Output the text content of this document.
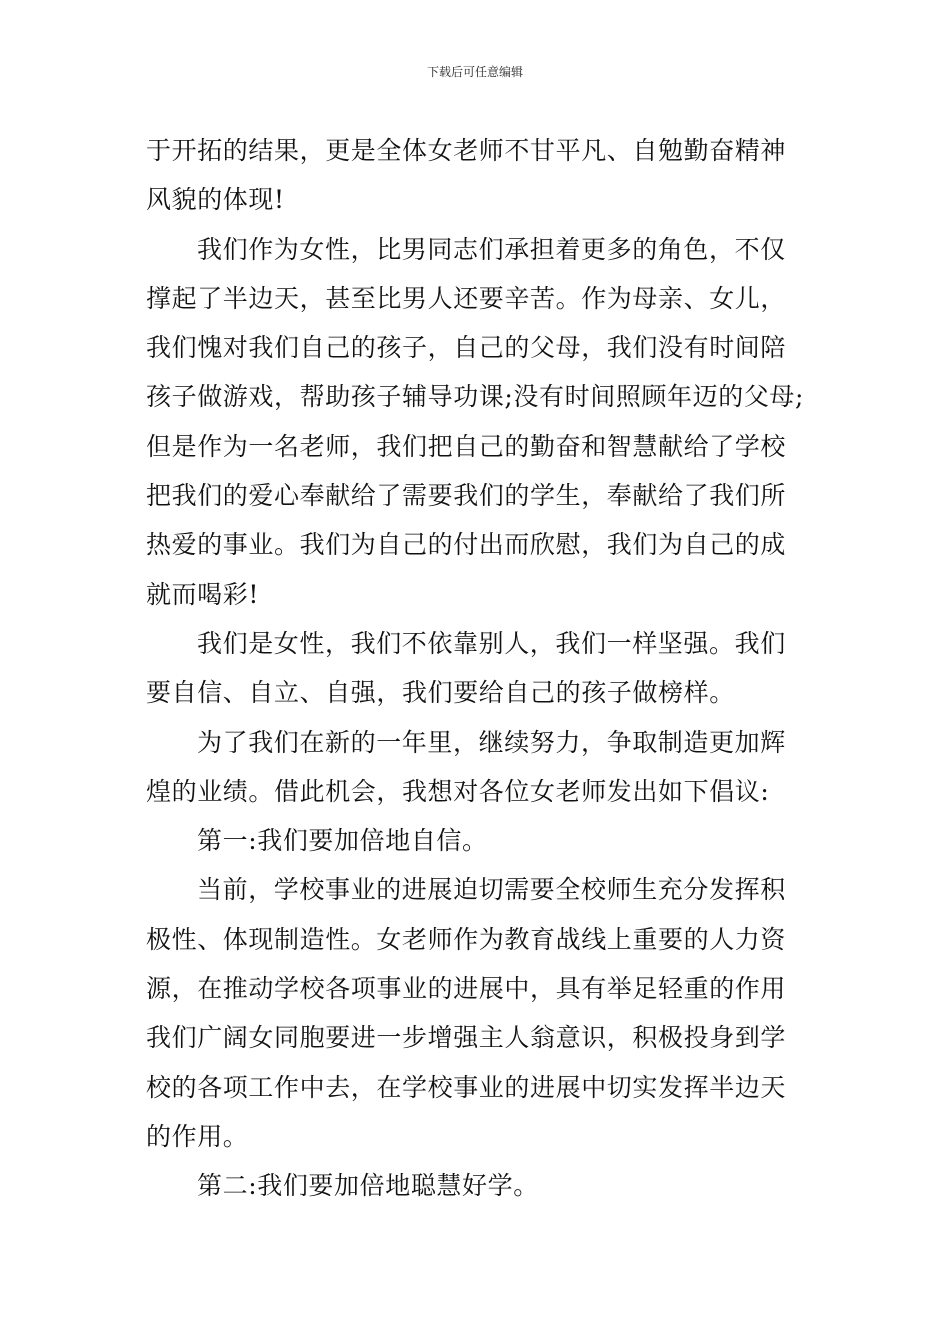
下载后可任意编辑

于开拓的结果，更是全体女老师不甘平凡、自勉勤奋精神
风貌的体现!

我们作为女性，比男同志们承担着更多的角色，不仅
撑起了半边天，甚至比男人还要辛苦。作为母亲、女儿，
我们愧对我们自己的孩子，自己的父母，我们没有时间陪
孩子做游戏，帮助孩子辅导功课;没有时间照顾年迈的父母;
但是作为一名老师，我们把自己的勤奋和智慧献给了学校
把我们的爱心奉献给了需要我们的学生，奉献给了我们所
热爱的事业。我们为自己的付出而欣慰，我们为自己的成
就而喝彩!

我们是女性，我们不依靠别人，我们一样坚强。我们
要自信、自立、自强，我们要给自己的孩子做榜样。

为了我们在新的一年里，继续努力，争取制造更加辉
煌的业绩。借此机会，我想对各位女老师发出如下倡议:

第一:我们要加倍地自信。

当前，学校事业的进展迫切需要全校师生充分发挥积
极性、体现制造性。女老师作为教育战线上重要的人力资
源，在推动学校各项事业的进展中，具有举足轻重的作用
我们广阔女同胞要进一步增强主人翁意识，积极投身到学
校的各项工作中去，在学校事业的进展中切实发挥半边天
的作用。

第二:我们要加倍地聪慧好学。
